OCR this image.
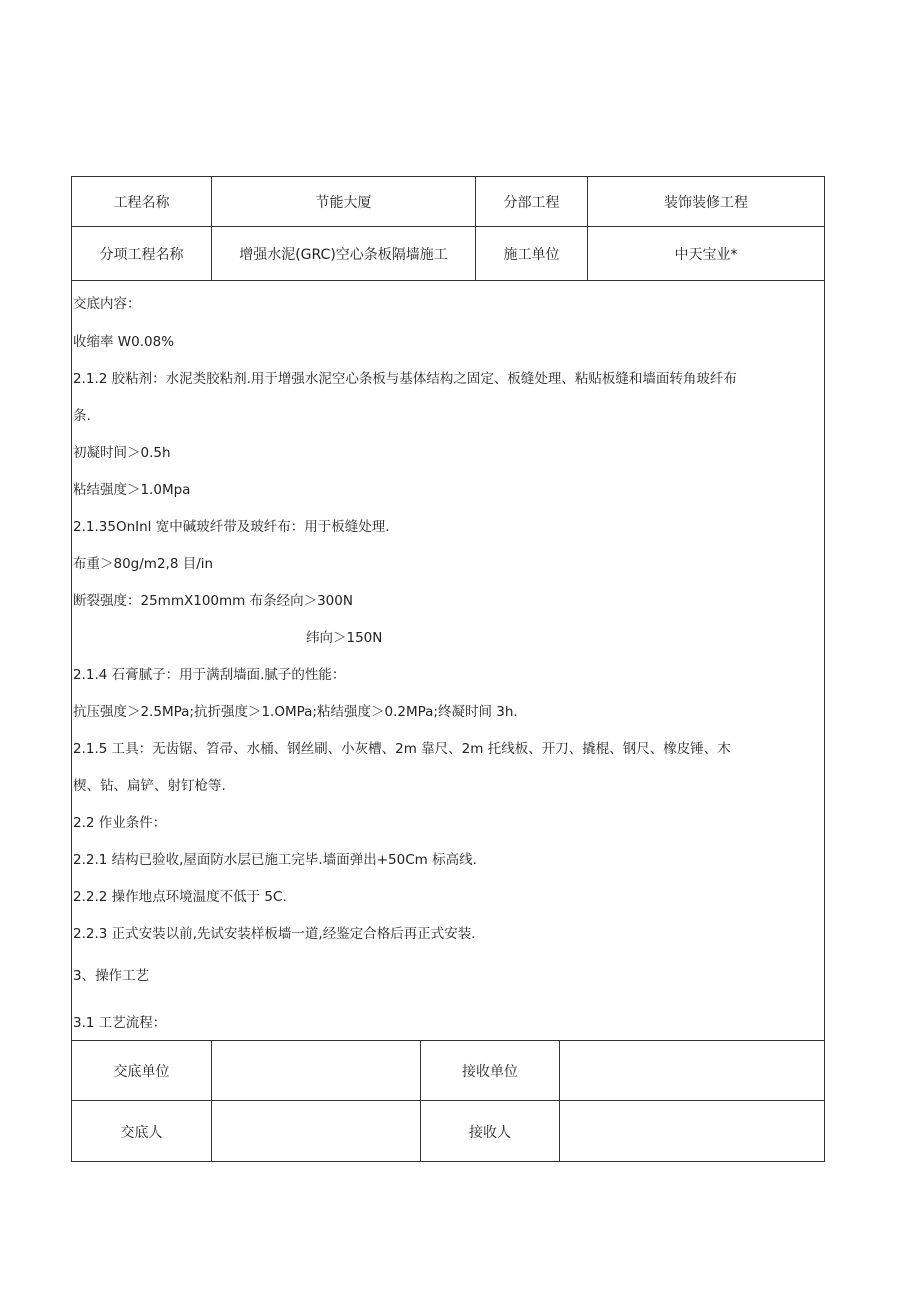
工程名称	节能大厦	分部工程	装饰装修工程
分项工程名称	增强水泥(GRC)空心条板隔墙施工	施工单位	中天宝业*
交底内容：
收缩率 W0.08%
2.1.2 胶粘剂：水泥类胶粘剂.用于增强水泥空心条板与基体结构之固定、板缝处理、粘贴板缝和墙面转角玻纤布
条.
初凝时间＞0.5h
粘结强度＞1.0Mpa
2.1.35OnInl 宽中碱玻纤带及玻纤布：用于板缝处理.
布重＞80g∕m2,8 目/in
断裂强度：25mmX100mm 布条经向＞300N
纬向＞150N
2.1.4 石膏腻子：用于满刮墙面.腻子的性能：
抗压强度＞2.5MPa;抗折强度＞1.OMPa;粘结强度＞0.2MPa;终凝时间 3h.
2.1.5 工具：无齿锯、笤帚、水桶、钢丝刷、小灰槽、2m 靠尺、2m 托线板、开刀、撬棍、钢尺、橡皮锤、木
楔、钻、扁铲、射钉枪等.
2.2 作业条件：
2.2.1 结构已验收,屋面防水层已施工完毕.墙面弹出+50Cm 标高线.
2.2.2 操作地点环境温度不低于 5C.
2.2.3 正式安装以前,先试安装样板墙一道,经鉴定合格后再正式安装.
3、操作工艺
3.1 工艺流程：
交底单位	接收单位
交底人	接收人
